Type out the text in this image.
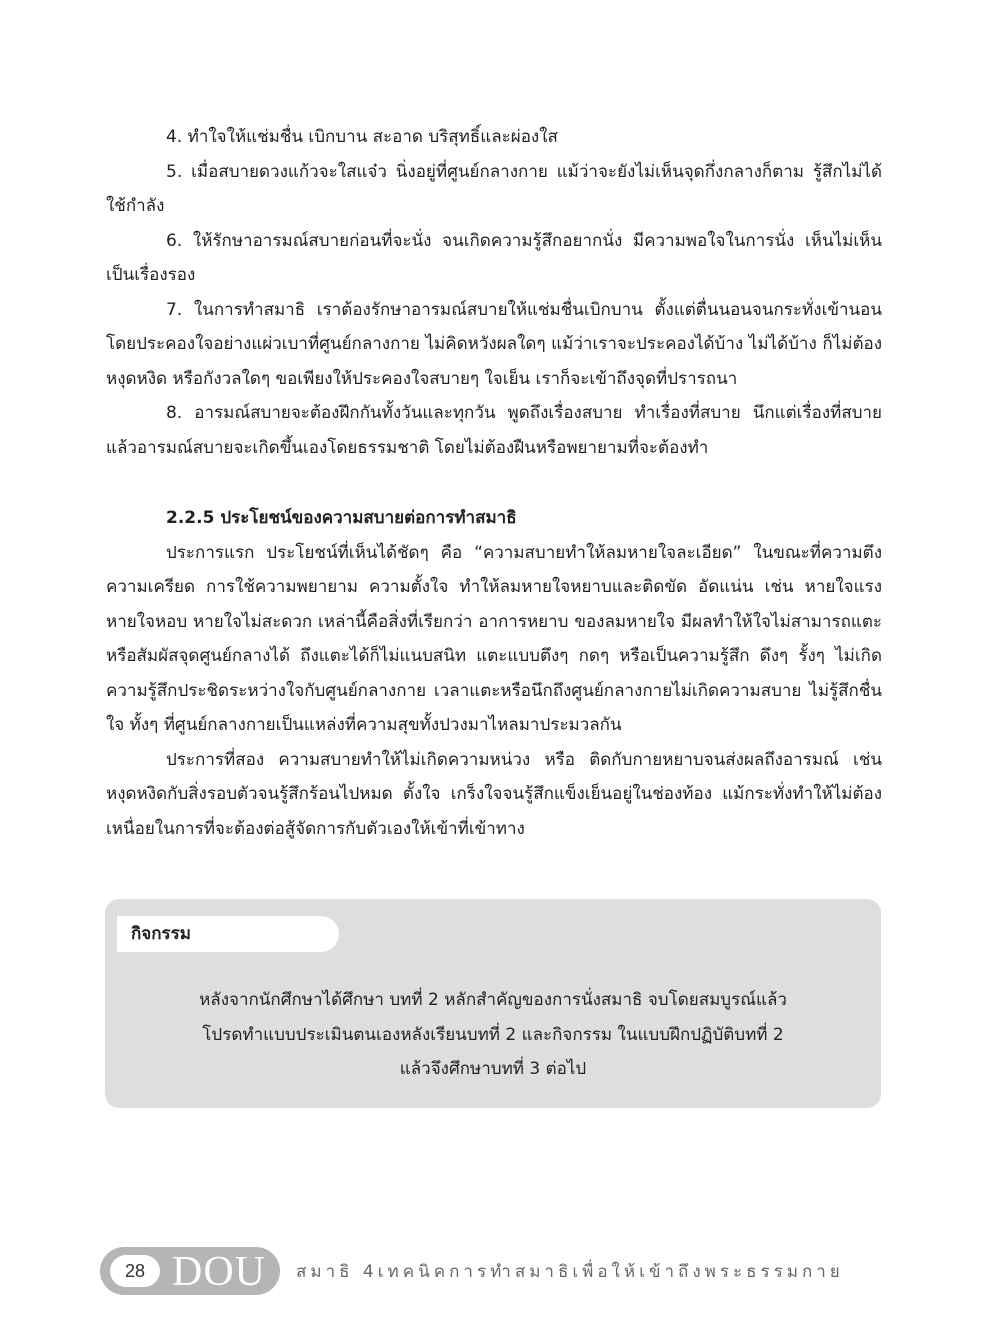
4. ทำใจให้แช่มชื่น เบิกบาน สะอาด บริสุทธิ์และผ่องใส

5. เมื่อสบายดวงแก้วจะใสแจ๋ว นิ่งอยู่ที่ศูนย์กลางกาย แม้ว่าจะยังไม่เห็นจุดกึ่งกลางก็ตาม รู้สึกไม่ได้ใช้กำลัง

6. ให้รักษาอารมณ์สบายก่อนที่จะนั่ง จนเกิดความรู้สึกอยากนั่ง มีความพอใจในการนั่ง เห็นไม่เห็นเป็นเรื่องรอง

7. ในการทำสมาธิ เราต้องรักษาอารมณ์สบายให้แช่มชื่นเบิกบาน ตั้งแต่ตื่นนอนจนกระทั่งเข้านอน โดยประคองใจอย่างแผ่วเบาที่ศูนย์กลางกาย ไม่คิดหวังผลใดๆ แม้ว่าเราจะประคองได้บ้าง ไม่ได้บ้าง ก็ไม่ต้องหงุดหงิด หรือกังวลใดๆ ขอเพียงให้ประคองใจสบายๆ ใจเย็น เราก็จะเข้าถึงจุดที่ปรารถนา

8. อารมณ์สบายจะต้องฝึกกันทั้งวันและทุกวัน พูดถึงเรื่องสบาย ทำเรื่องที่สบาย นึกแต่เรื่องที่สบาย แล้วอารมณ์สบายจะเกิดขึ้นเองโดยธรรมชาติ โดยไม่ต้องฝืนหรือพยายามที่จะต้องทำ

2.2.5 ประโยชน์ของความสบายต่อการทำสมาธิ

ประการแรก ประโยชน์ที่เห็นได้ชัดๆ คือ “ความสบายทำให้ลมหายใจละเอียด” ในขณะที่ความตึง ความเครียด การใช้ความพยายาม ความตั้งใจ ทำให้ลมหายใจหยาบและติดขัด อัดแน่น เช่น หายใจแรง หายใจหอบ หายใจไม่สะดวก เหล่านี้คือสิ่งที่เรียกว่า อาการหยาบ ของลมหายใจ มีผลทำให้ใจไม่สามารถแตะหรือสัมผัสจุดศูนย์กลางได้ ถึงแตะได้ก็ไม่แนบสนิท แตะแบบตึงๆ กดๆ หรือเป็นความรู้สึก ดึงๆ รั้งๆ ไม่เกิดความรู้สึกประชิดระหว่างใจกับศูนย์กลางกาย เวลาแตะหรือนึกถึงศูนย์กลางกายไม่เกิดความสบาย ไม่รู้สึกชื่นใจ ทั้งๆ ที่ศูนย์กลางกายเป็นแหล่งที่ความสุขทั้งปวงมาไหลมาประมวลกัน

ประการที่สอง ความสบายทำให้ไม่เกิดความหน่วง หรือ ติดกับกายหยาบจนส่งผลถึงอารมณ์ เช่น หงุดหงิดกับสิ่งรอบตัวจนรู้สึกร้อนไปหมด ตั้งใจ เกร็งใจจนรู้สึกแข็งเย็นอยู่ในช่องท้อง แม้กระทั่งทำให้ไม่ต้องเหนื่อยในการที่จะต้องต่อสู้จัดการกับตัวเองให้เข้าที่เข้าทาง

กิจกรรม
หลังจากนักศึกษาได้ศึกษา บทที่ 2 หลักสำคัญของการนั่งสมาธิ จบโดยสมบูรณ์แล้ว
โปรดทำแบบประเมินตนเองหลังเรียนบทที่ 2 และกิจกรรม ในแบบฝึกปฏิบัติบทที่ 2
แล้วจึงศึกษาบทที่ 3 ต่อไป
28 DOU สมาธิ 4เทคนิคการทำสมาธิเพื่อให้เข้าถึงพระธรรมกาย
